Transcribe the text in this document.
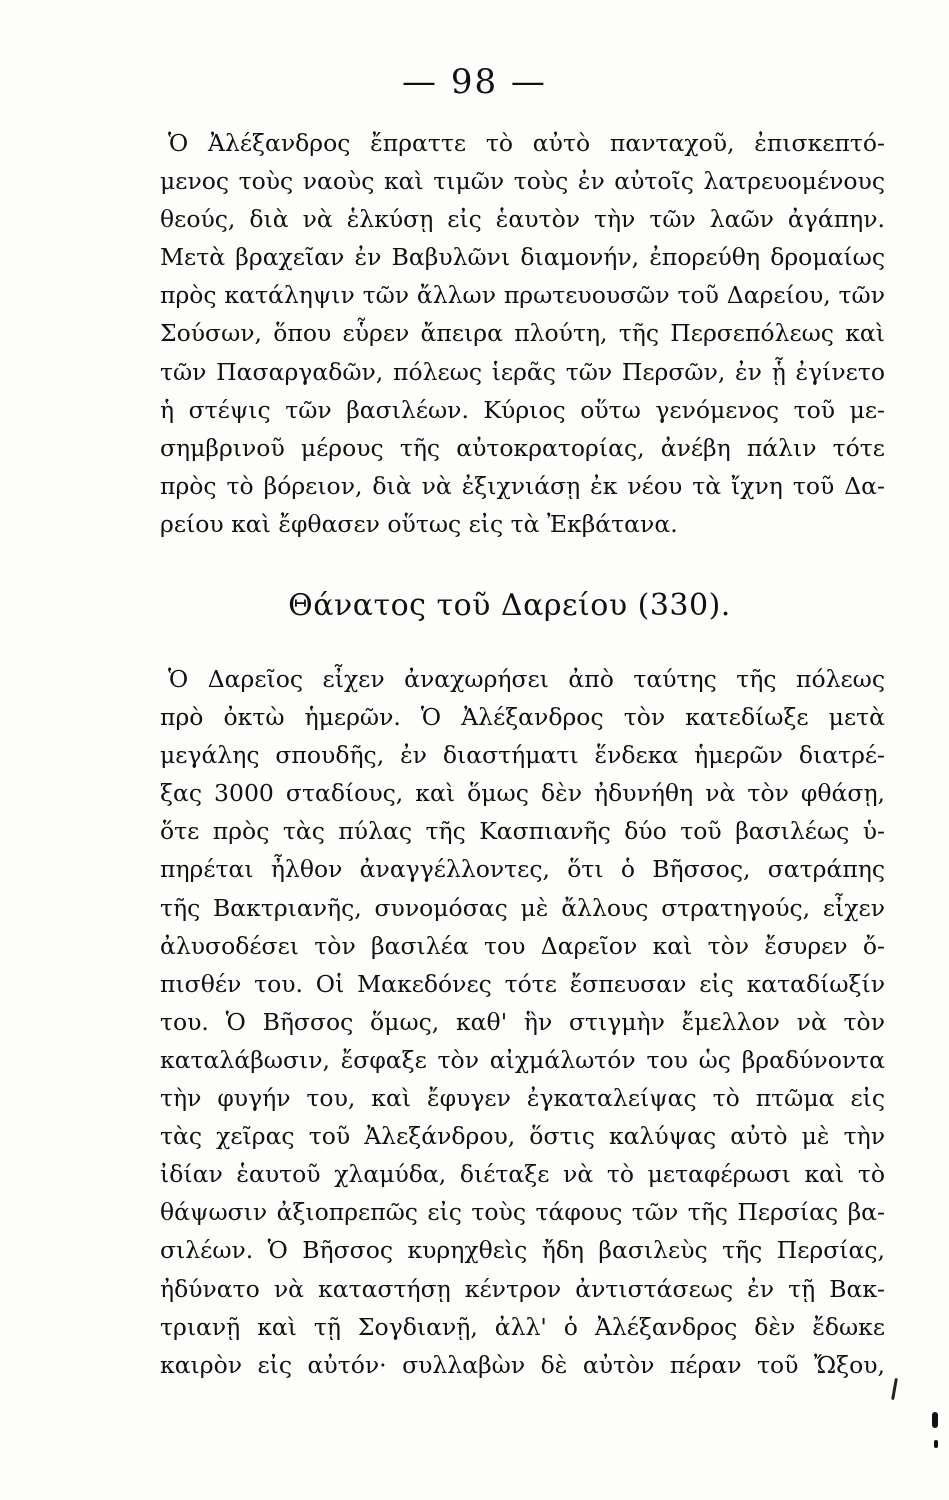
— 98 —
Ὁ Ἀλέξανδρος ἔπραττε τὸ αὐτὸ πανταχοῦ, ἐπισκεπτό-
μενος τοὺς ναοὺς καὶ τιμῶν τοὺς ἐν αὐτοῖς λατρευομένους
θεούς, διὰ νὰ ἑλκύσῃ εἰς ἑαυτὸν τὴν τῶν λαῶν ἀγάπην.
Μετὰ βραχεῖαν ἐν Βαβυλῶνι διαμονήν, ἐπορεύθη δρομαίως
πρὸς κατάληψιν τῶν ἄλλων πρωτευουσῶν τοῦ Δαρείου, τῶν
Σούσων, ὅπου εὗρεν ἄπειρα πλούτη, τῆς Περσεπόλεως καὶ
τῶν Πασαργαδῶν, πόλεως ἱερᾶς τῶν Περσῶν, ἐν ᾗ ἐγίνετο
ἡ στέψις τῶν βασιλέων. Κύριος οὕτω γενόμενος τοῦ με-
σημβρινοῦ μέρους τῆς αὐτοκρατορίας, ἀνέβη πάλιν τότε
πρὸς τὸ βόρειον, διὰ νὰ ἐξιχνιάσῃ ἐκ νέου τὰ ἴχνη τοῦ Δα-
ρείου καὶ ἔφθασεν οὕτως εἰς τὰ Ἐκβάτανα.
Θάνατος τοῦ Δαρείου (330).
Ὁ Δαρεῖος εἶχεν ἀναχωρήσει ἀπὸ ταύτης τῆς πόλεως
πρὸ ὀκτὼ ἡμερῶν. Ὁ Ἀλέξανδρος τὸν κατεδίωξε μετὰ
μεγάλης σπουδῆς, ἐν διαστήματι ἕνδεκα ἡμερῶν διατρέ-
ξας 3000 σταδίους, καὶ ὅμως δὲν ἠδυνήθη νὰ τὸν φθάσῃ,
ὅτε πρὸς τὰς πύλας τῆς Κασπιανῆς δύο τοῦ βασιλέως ὑ-
πηρέται ἦλθον ἀναγγέλλοντες, ὅτι ὁ Βῆσσος, σατράπης
τῆς Βακτριανῆς, συνομόσας μὲ ἄλλους στρατηγούς, εἶχεν
ἀλυσοδέσει τὸν βασιλέα του Δαρεῖον καὶ τὸν ἔσυρεν ὄ-
πισθέν του. Οἱ Μακεδόνες τότε ἔσπευσαν εἰς καταδίωξίν
του. Ὁ Βῆσσος ὅμως, καθ' ἣν στιγμὴν ἔμελλον νὰ τὸν
καταλάβωσιν, ἔσφαξε τὸν αἰχμάλωτόν του ὡς βραδύνοντα
τὴν φυγήν του, καὶ ἔφυγεν ἐγκαταλείψας τὸ πτῶμα εἰς
τὰς χεῖρας τοῦ Ἀλεξάνδρου, ὅστις καλύψας αὐτὸ μὲ τὴν
ἰδίαν ἑαυτοῦ χλαμύδα, διέταξε νὰ τὸ μεταφέρωσι καὶ τὸ
θάψωσιν ἀξιοπρεπῶς εἰς τοὺς τάφους τῶν τῆς Περσίας βα-
σιλέων. Ὁ Βῆσσος κυρηχθεὶς ἤδη βασιλεὺς τῆς Περσίας,
ἠδύνατο νὰ καταστήσῃ κέντρον ἀντιστάσεως ἐν τῇ Βακ-
τριανῇ καὶ τῇ Σογδιανῇ, ἀλλ' ὁ Ἀλέξανδρος δὲν ἔδωκε
καιρὸν εἰς αὐτόν· συλλαβὼν δὲ αὐτὸν πέραν τοῦ Ὤξου,
